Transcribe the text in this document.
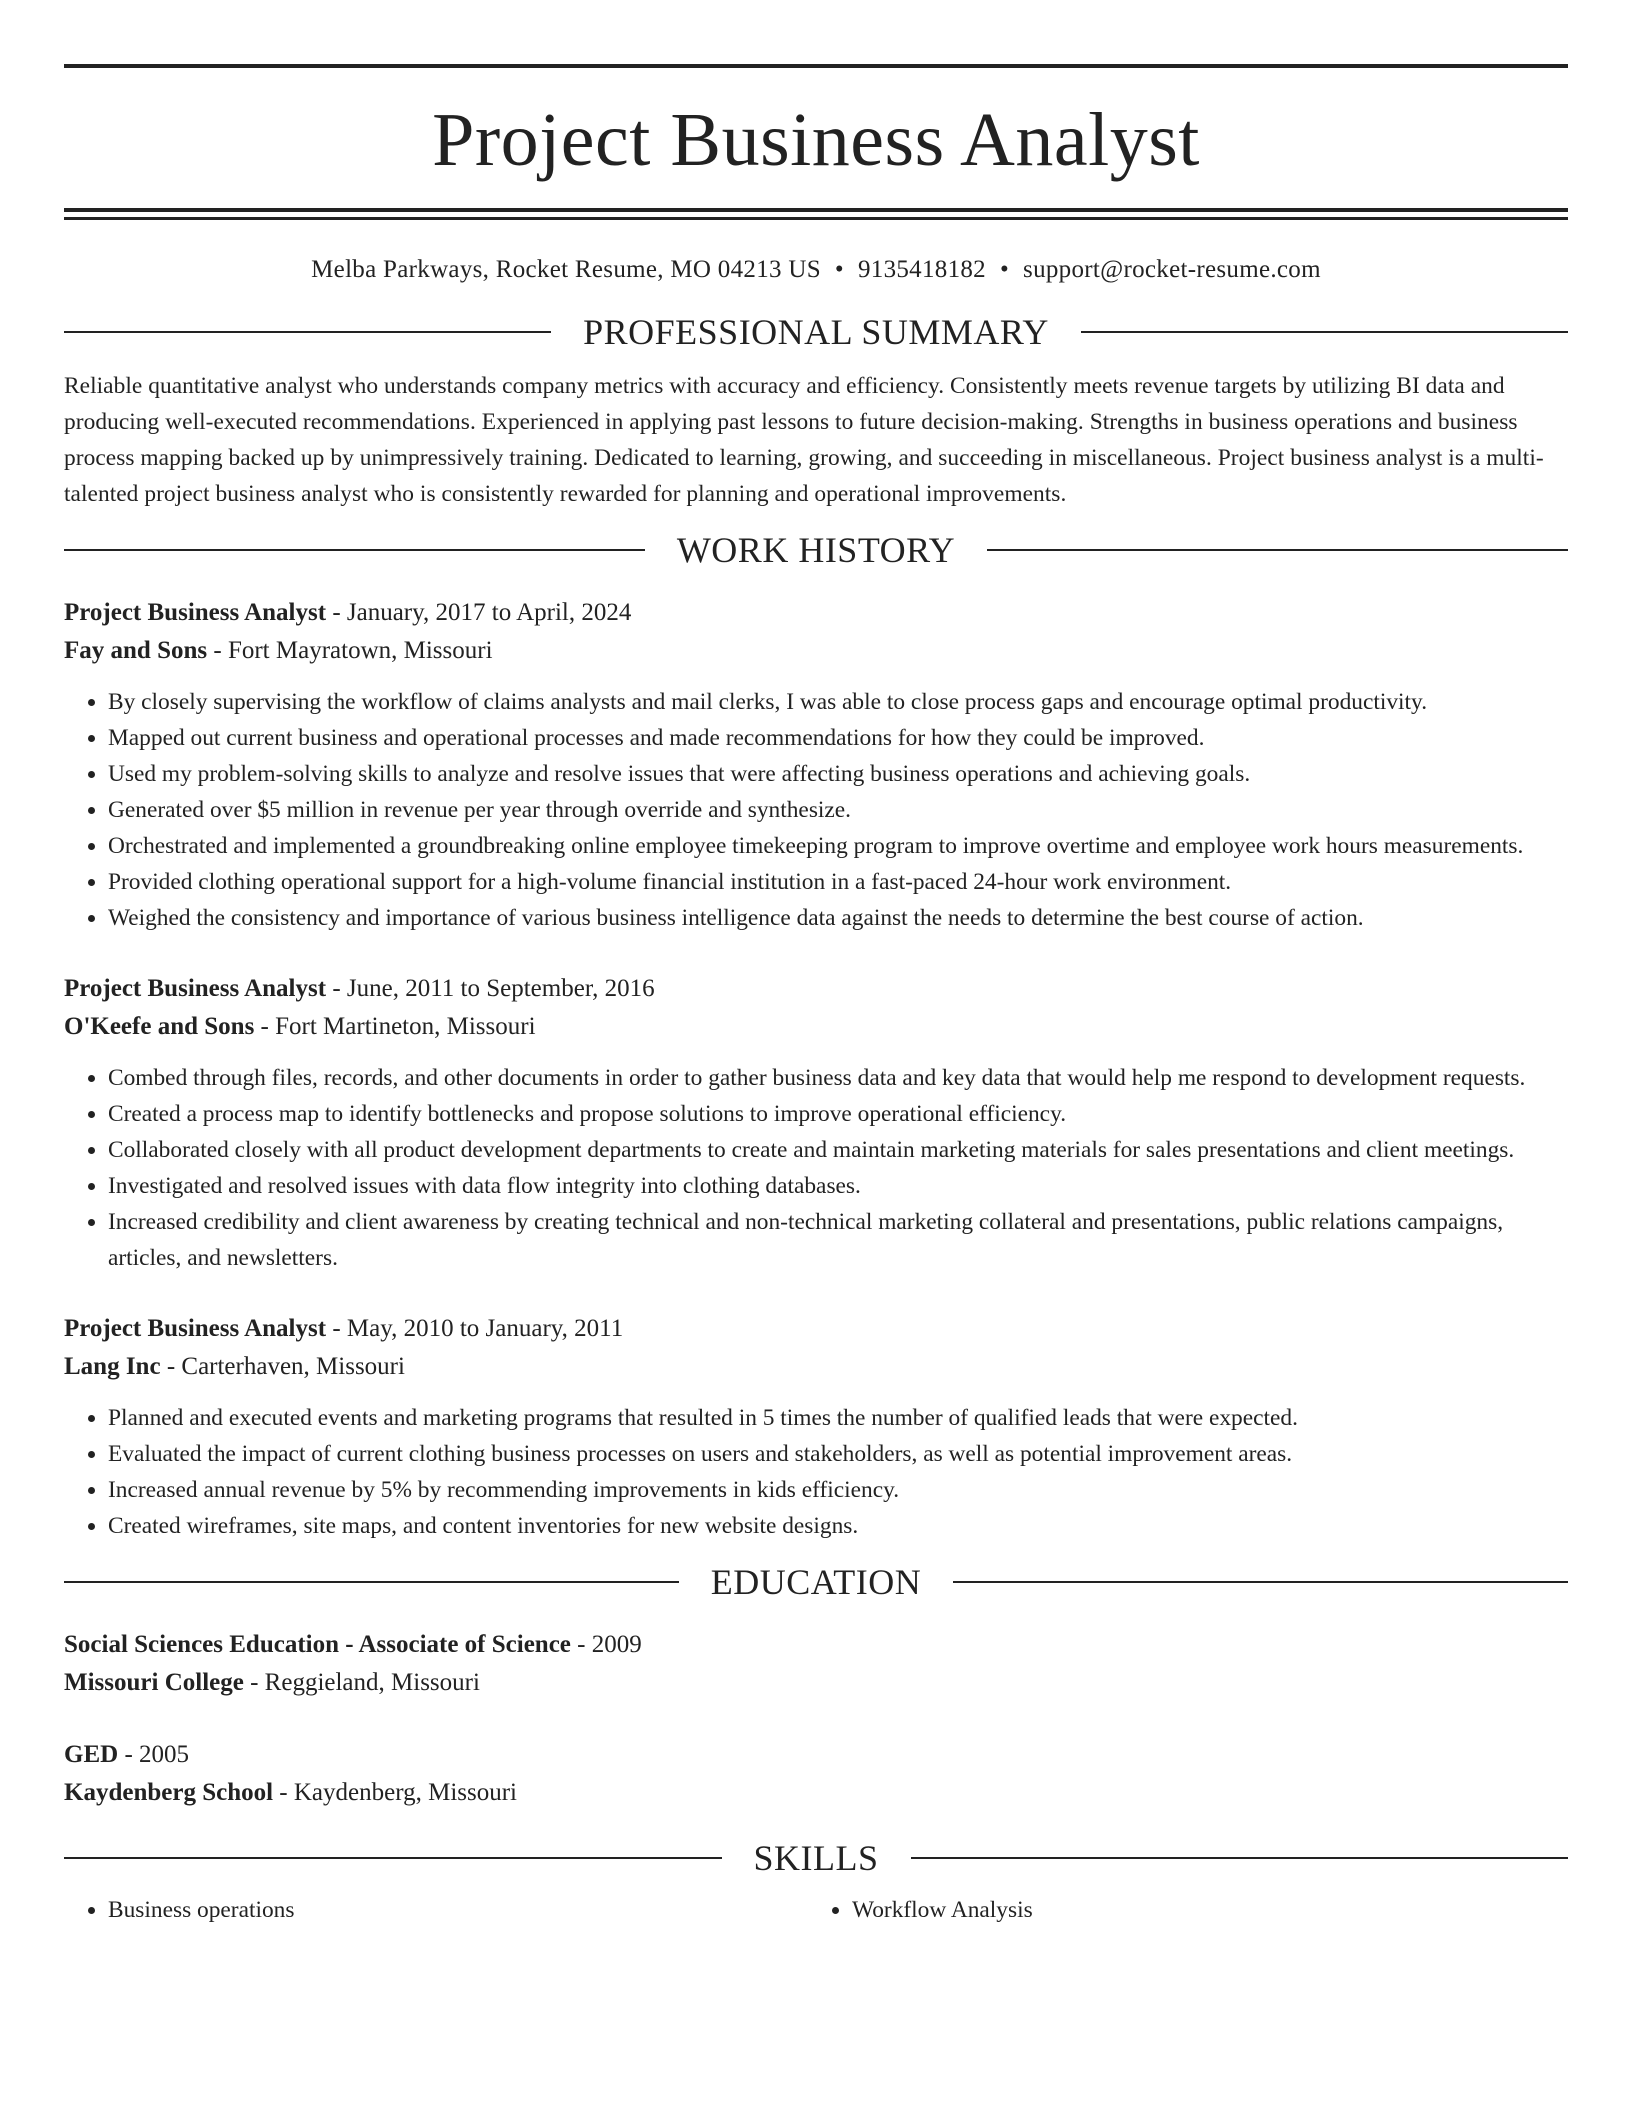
Project Business Analyst
Melba Parkways, Rocket Resume, MO 04213 US • 9135418182 • support@rocket-resume.com
PROFESSIONAL SUMMARY
Reliable quantitative analyst who understands company metrics with accuracy and efficiency. Consistently meets revenue targets by utilizing BI data and producing well-executed recommendations. Experienced in applying past lessons to future decision-making. Strengths in business operations and business process mapping backed up by unimpressively training. Dedicated to learning, growing, and succeeding in miscellaneous. Project business analyst is a multi-talented project business analyst who is consistently rewarded for planning and operational improvements.
WORK HISTORY
Project Business Analyst - January, 2017 to April, 2024
Fay and Sons - Fort Mayratown, Missouri
• By closely supervising the workflow of claims analysts and mail clerks, I was able to close process gaps and encourage optimal productivity.
• Mapped out current business and operational processes and made recommendations for how they could be improved.
• Used my problem-solving skills to analyze and resolve issues that were affecting business operations and achieving goals.
• Generated over $5 million in revenue per year through override and synthesize.
• Orchestrated and implemented a groundbreaking online employee timekeeping program to improve overtime and employee work hours measurements.
• Provided clothing operational support for a high-volume financial institution in a fast-paced 24-hour work environment.
• Weighed the consistency and importance of various business intelligence data against the needs to determine the best course of action.
Project Business Analyst - June, 2011 to September, 2016
O'Keefe and Sons - Fort Martineton, Missouri
• Combed through files, records, and other documents in order to gather business data and key data that would help me respond to development requests.
• Created a process map to identify bottlenecks and propose solutions to improve operational efficiency.
• Collaborated closely with all product development departments to create and maintain marketing materials for sales presentations and client meetings.
• Investigated and resolved issues with data flow integrity into clothing databases.
• Increased credibility and client awareness by creating technical and non-technical marketing collateral and presentations, public relations campaigns, articles, and newsletters.
Project Business Analyst - May, 2010 to January, 2011
Lang Inc - Carterhaven, Missouri
• Planned and executed events and marketing programs that resulted in 5 times the number of qualified leads that were expected.
• Evaluated the impact of current clothing business processes on users and stakeholders, as well as potential improvement areas.
• Increased annual revenue by 5% by recommending improvements in kids efficiency.
• Created wireframes, site maps, and content inventories for new website designs.
EDUCATION
Social Sciences Education - Associate of Science - 2009
Missouri College - Reggieland, Missouri
GED - 2005
Kaydenberg School - Kaydenberg, Missouri
SKILLS
• Business operations
•	Workflow Analysis
